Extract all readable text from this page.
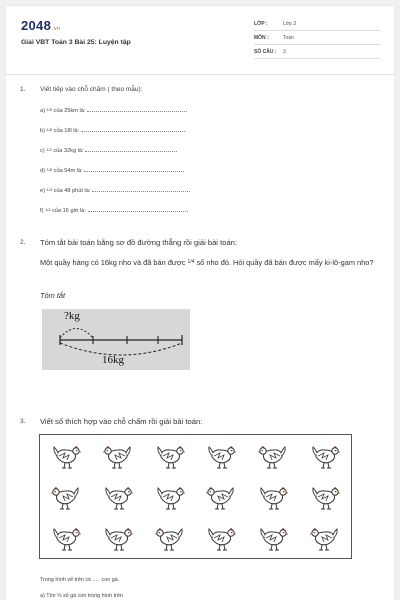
2048.vn
Giải VBT Toán 3 Bài 25: Luyện tập
LỚP :	Lớp 3
MÔN :	Toán
SỐ CÂU : 3
1. Viết tiếp vào chỗ chấm ( theo mẫu):
a) 1/5 của 25km là:
b) 1/6 của 18l là:
c) 1/2 của 32kg là:
d) 1/6 của 54m là:
e) 1/4 của 48 phút là:
f) 1/4 của 16 giờ là:
2. Tóm tắt bài toán bằng sơ đồ đường thẳng rồi giải bài toán:
Một quầy hàng có 16kg nho và đã bán được $^{1/4}$ số nho đó. Hỏi quầy đã bán được mấy ki-lô-gam nho?
Tóm tắt
?kg
16kg
3. Viết số thích hợp vào chỗ chấm rồi giải bài toán:
Trong hình vẽ trên có ..... con gà.
a) Tìm ⅓ số gà con trong hình trên
